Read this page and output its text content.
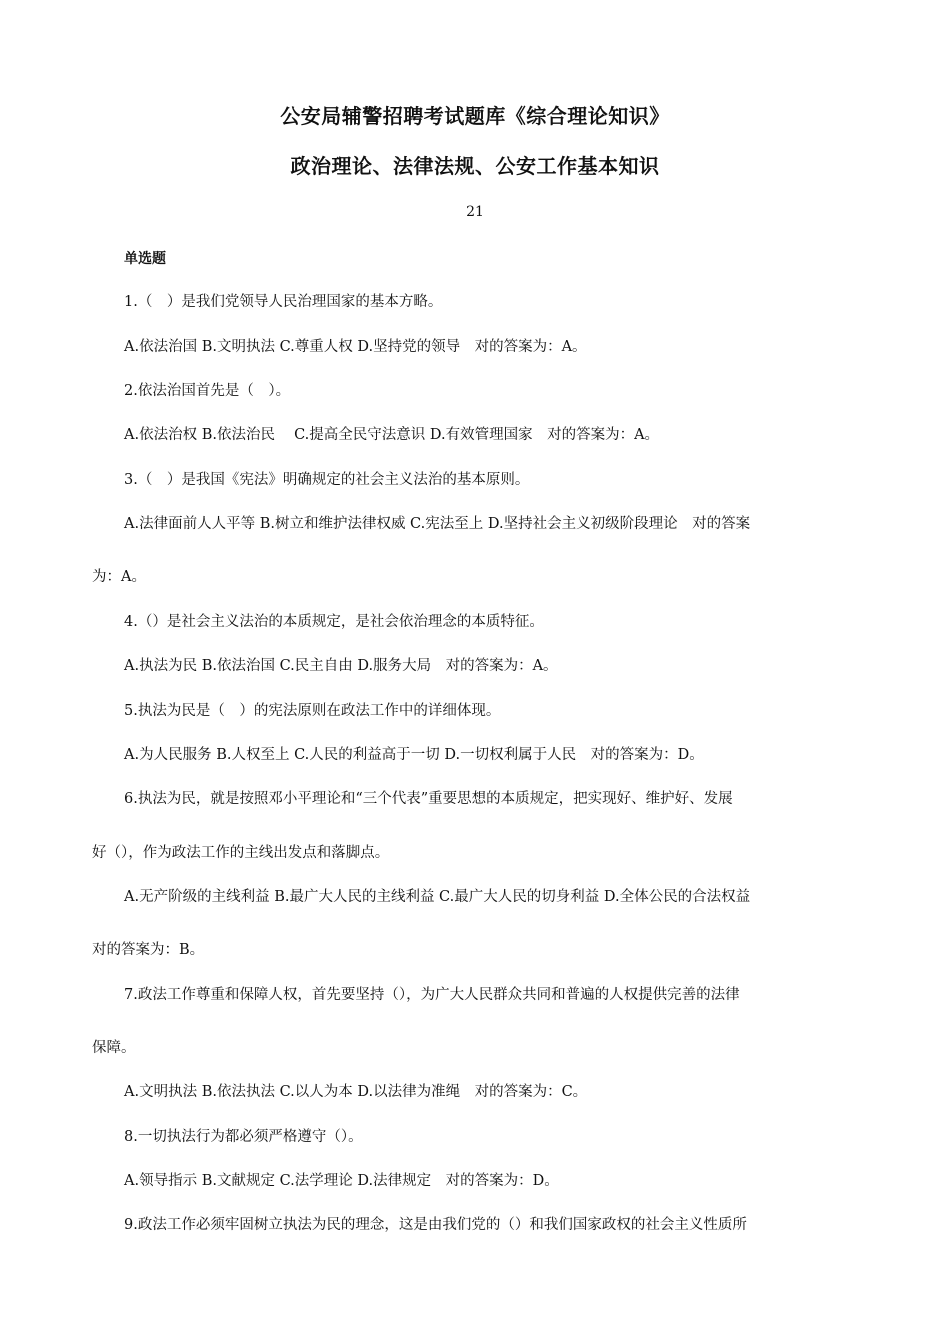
公安局辅警招聘考试题库《综合理论知识》
政治理论、法律法规、公安工作基本知识
21
单选题
1.（　）是我们党领导人民治理国家的基本方略。
A.依法治国 B.文明执法 C.尊重人权 D.坚持党的领导　对的答案为：A。
2.依法治国首先是（　）。
A.依法治权 B.依法治民　 C.提高全民守法意识 D.有效管理国家　对的答案为：A。
3.（　）是我国《宪法》明确规定的社会主义法治的基本原则。
A.法律面前人人平等 B.树立和维护法律权威 C.宪法至上 D.坚持社会主义初级阶段理论　对的答案
为：A。
4.（）是社会主义法治的本质规定，是社会依治理念的本质特征。
A.执法为民 B.依法治国 C.民主自由 D.服务大局　对的答案为：A。
5.执法为民是（　）的宪法原则在政法工作中的详细体现。
A.为人民服务 B.人权至上 C.人民的利益高于一切 D.一切权利属于人民　对的答案为：D。
6.执法为民，就是按照邓小平理论和“三个代表”重要思想的本质规定，把实现好、维护好、发展
好（），作为政法工作的主线出发点和落脚点。
A.无产阶级的主线利益 B.最广大人民的主线利益 C.最广大人民的切身利益 D.全体公民的合法权益
对的答案为：B。
7.政法工作尊重和保障人权，首先要坚持（），为广大人民群众共同和普遍的人权提供完善的法律
保障。
A.文明执法 B.依法执法 C.以人为本 D.以法律为准绳　对的答案为：C。
8.一切执法行为都必须严格遵守（）。
A.领导指示 B.文献规定 C.法学理论 D.法律规定　对的答案为：D。
9.政法工作必须牢固树立执法为民的理念，这是由我们党的（）和我们国家政权的社会主义性质所
